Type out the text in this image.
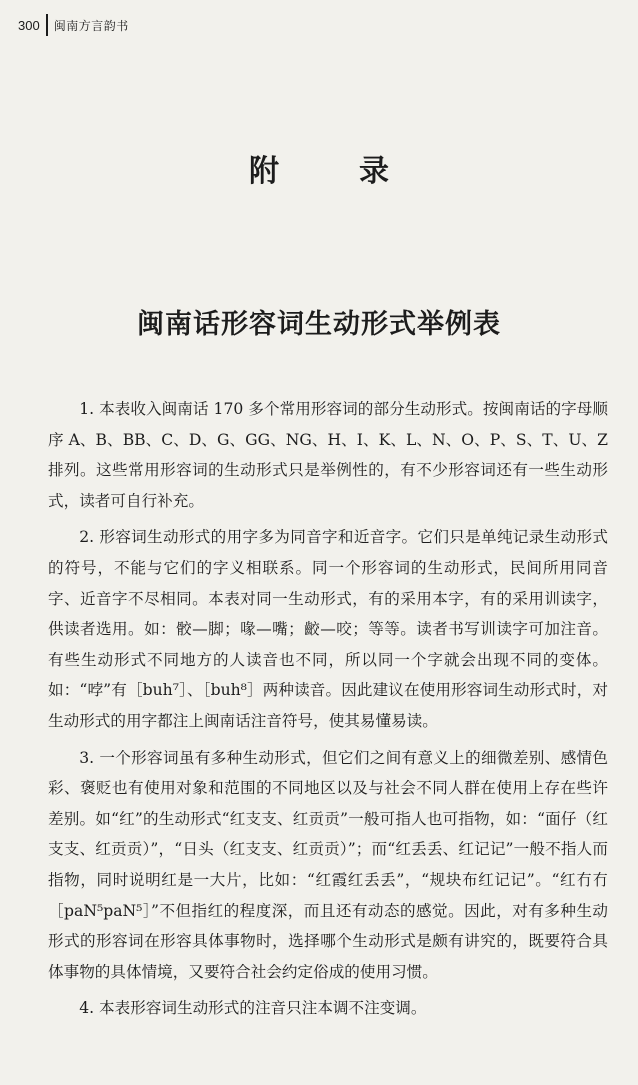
300	闽南方言韵书
附录
闽南话形容词生动形式举例表

1. 本表收入闽南话 170 多个常用形容词的部分生动形式。按闽南话的字母顺序 A、B、BB、C、D、G、GG、NG、H、I、K、L、N、O、P、S、T、U、Z 排列。这些常用形容词的生动形式只是举例性的，有不少形容词还有一些生动形式，读者可自行补充。

2. 形容词生动形式的用字多为同音字和近音字。它们只是单纯记录生动形式的符号，不能与它们的字义相联系。同一个形容词的生动形式，民间所用同音字、近音字不尽相同。本表对同一生动形式，有的采用本字，有的采用训读字，供读者选用。如：骹—脚；喙—嘴；齩—咬；等等。读者书写训读字可加注音。有些生动形式不同地方的人读音也不同，所以同一个字就会出现不同的变体。如：“哱”有［buh⁷］、［buh⁸］两种读音。因此建议在使用形容词生动形式时，对生动形式的用字都注上闽南话注音符号，使其易懂易读。

3. 一个形容词虽有多种生动形式，但它们之间有意义上的细微差别、感情色彩、褒贬也有使用对象和范围的不同地区以及与社会不同人群在使用上存在些许差别。如“红”的生动形式“红支支、红贡贡”一般可指人也可指物，如：“面仔（红支支、红贡贡）”，“日头（红支支、红贡贡）”；而“红丢丢、红记记”一般不指人而指物，同时说明红是一大片，比如：“红霞红丢丢”，“规块布红记记”。“红冇冇［paN⁵paN⁵］”不但指红的程度深，而且还有动态的感觉。因此，对有多种生动形式的形容词在形容具体事物时，选择哪个生动形式是颇有讲究的，既要符合具体事物的具体情境，又要符合社会约定俗成的使用习惯。

4. 本表形容词生动形式的注音只注本调不注变调。
